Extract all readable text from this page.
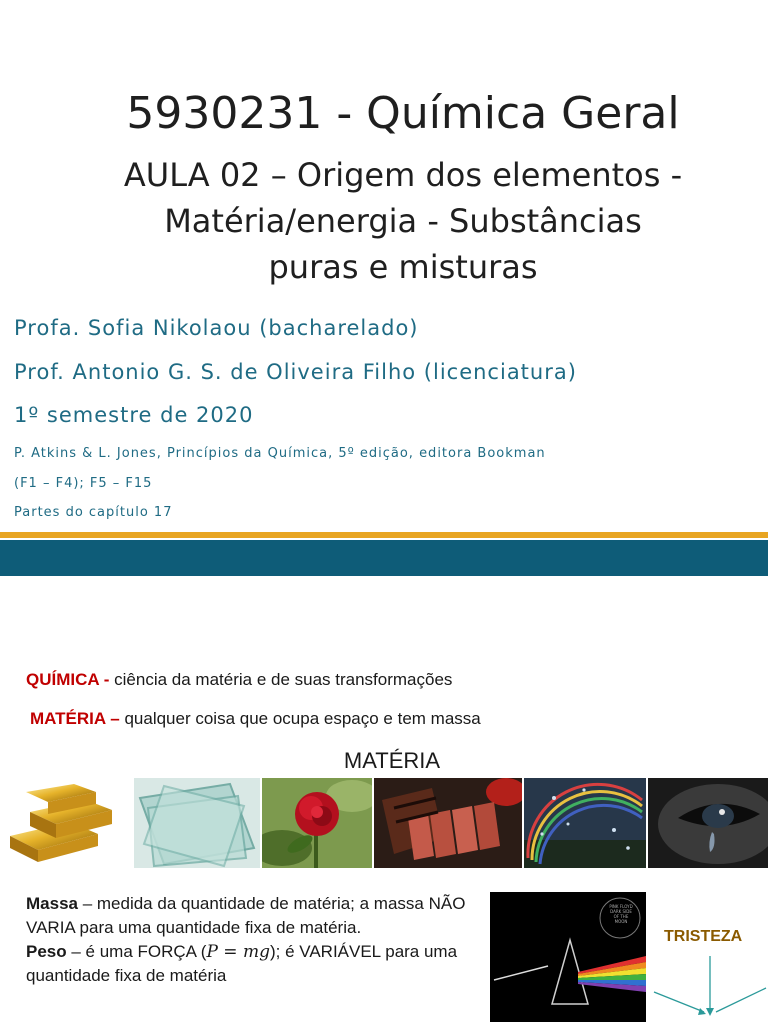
5930231 - Química Geral
AULA 02 – Origem dos elementos -
Matéria/energia - Substâncias
puras e misturas
Profa. Sofia Nikolaou (bacharelado)
Prof. Antonio G. S. de Oliveira Filho (licenciatura)
1º semestre de 2020
P. Atkins & L. Jones, Princípios da Química, 5º edição, editora Bookman
(F1 – F4); F5 – F15
Partes do capítulo 17
QUÍMICA - ciência da matéria e de suas transformações
MATÉRIA – qualquer coisa que ocupa espaço e tem massa
MATÉRIA
Massa – medida da quantidade de matéria; a massa NÃO VARIA para uma quantidade fixa de matéria.
Peso – é uma FORÇA (P = mg); é VARIÁVEL para uma quantidade fixa de matéria
PINK FLOYD DARK SIDE OF THE MOON
TRISTEZA
